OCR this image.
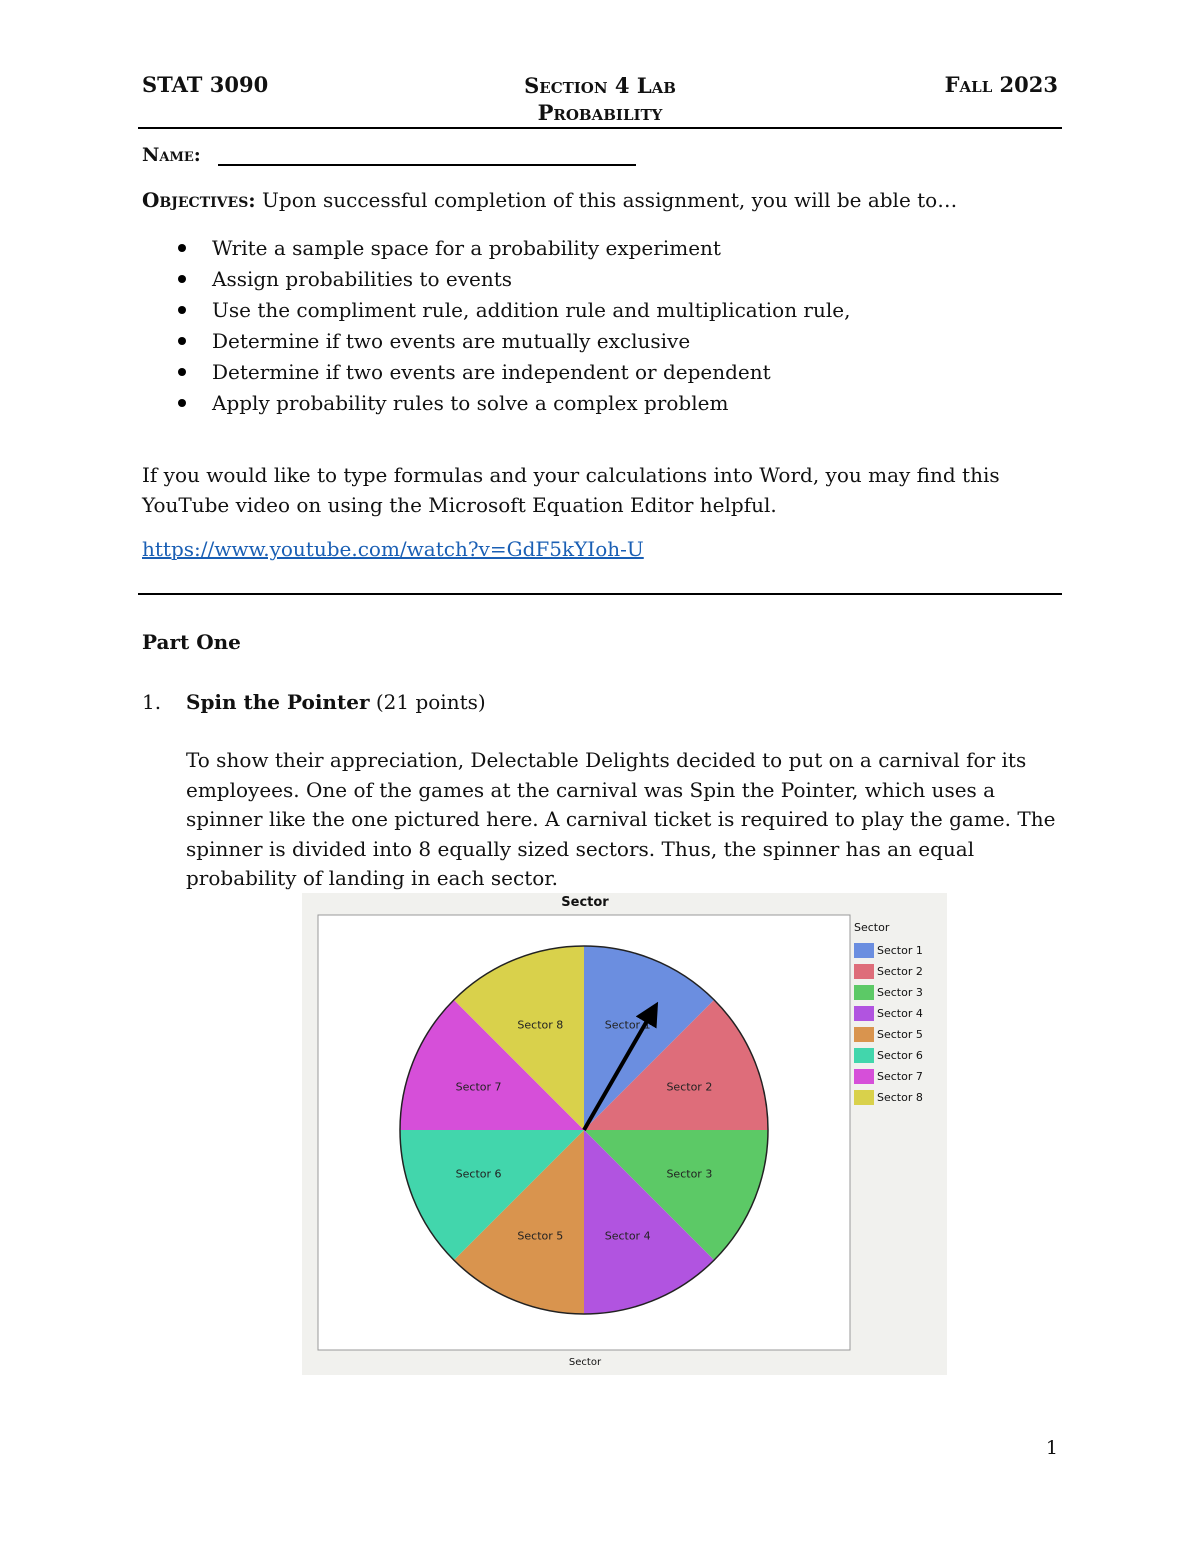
STAT 3090	Section 4 Lab
Probability
Fall 2023
Name:
Objectives: Upon successful completion of this assignment, you will be able to…
Write a sample space for a probability experiment
Assign probabilities to events
Use the compliment rule, addition rule and multiplication rule,
Determine if two events are mutually exclusive
Determine if two events are independent or dependent
Apply probability rules to solve a complex problem
If you would like to type formulas and your calculations into Word, you may find this YouTube video on using the Microsoft Equation Editor helpful.
https://www.youtube.com/watch?v=GdF5kYIoh-U
Part One
1. Spin the Pointer (21 points)
To show their appreciation, Delectable Delights decided to put on a carnival for its employees. One of the games at the carnival was Spin the Pointer, which uses a spinner like the one pictured here. A carnival ticket is required to play the game. The spinner is divided into 8 equally sized sectors. Thus, the spinner has an equal probability of landing in each sector.
Sector 1
Sector 2
Sector 3
Sector 4
Sector 5
Sector 6
Sector 7
Sector 8
Sector
Sector
Sector
Sector 1
Sector 2
Sector 3
Sector 4
Sector 5
Sector 6
Sector 7
Sector 8
1
